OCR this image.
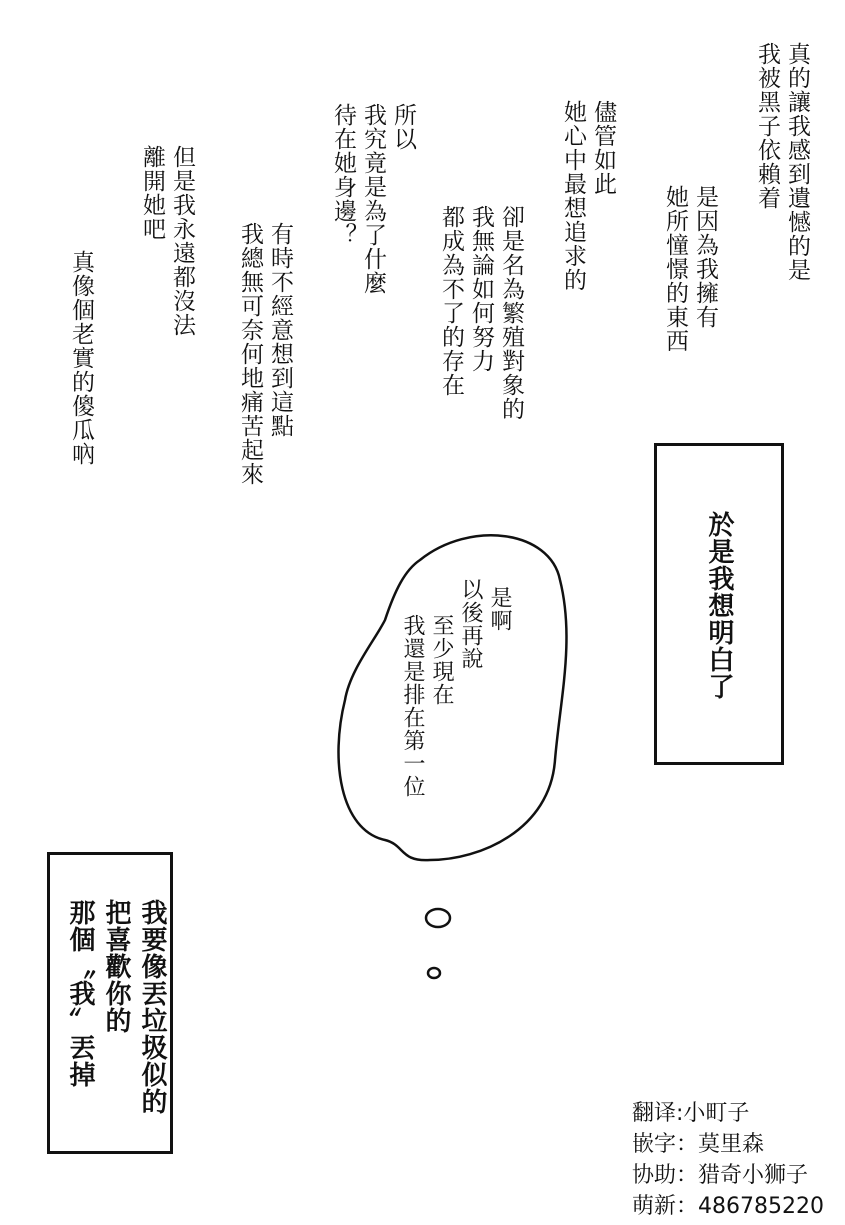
真的讓我感到遺憾的是
我被黑子依賴着
是因為我擁有
她所憧憬的東西
儘管如此
她心中最想追求的
卻是名為繁殖對象的
我無論如何努力
都成為不了的存在
所以
我究竟是為了什麼
待在她身邊？
有時不經意想到這點
我總無可奈何地痛苦起來
但是我永遠都沒法
離開她吧
真像個老實的傻瓜吶
於是我想明白了
是啊
以後再說
至少現在
我還是排在第一位
我要像丟垃圾似的
把喜歡你的
那個〝我〞丟掉
翻译:小町子
嵌字：莫里森
协助：猎奇小狮子
萌新：486785220
